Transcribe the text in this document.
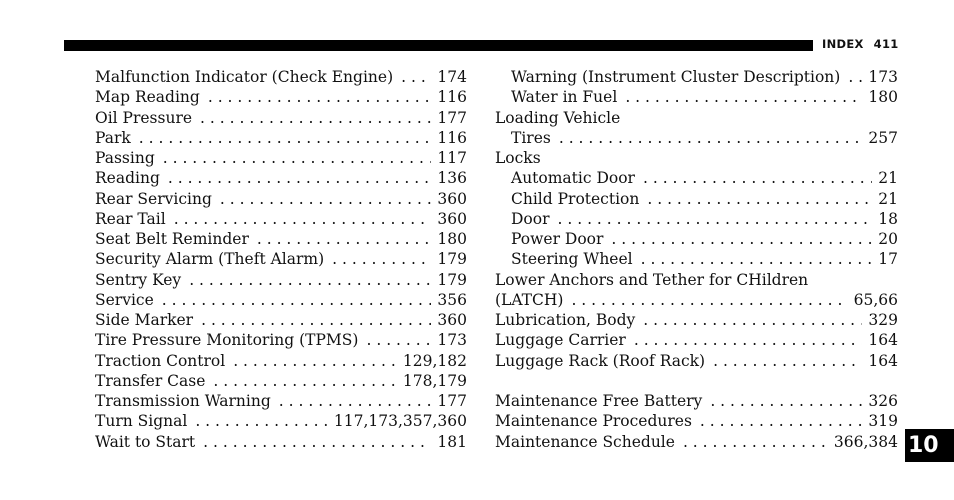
INDEX 411
Malfunction Indicator (Check Engine) . . .	174
Map Reading . . .	116
Oil Pressure . . .	177
Park . . .	116
Passing . . .	117
Reading . . .	136
Rear Servicing . . .	360
Rear Tail . . .	360
Seat Belt Reminder . . .	180
Security Alarm (Theft Alarm) . . .	179
Sentry Key . . .	179
Service . . .	356
Side Marker . . .	360
Tire Pressure Monitoring (TPMS) . . .	173
Traction Control . . .	129,182
Transfer Case . . .	178,179
Transmission Warning . . .	177
Turn Signal . . .	117,173,357,360
Wait to Start . . .	181
Warning (Instrument Cluster Description) . . . 173
Water in Fuel . . .	180
Loading Vehicle
Tires . . .	257
Locks
Automatic Door . . .	21
Child Protection . . .	21
Door . . .	18
Power Door . . .	20
Steering Wheel . . .	17
Lower Anchors and Tether for CHildren
(LATCH) . . .	65,66
Lubrication, Body . . .	329
Luggage Carrier . . .	164
Luggage Rack (Roof Rack) . . .	164
Maintenance Free Battery . . .	326
Maintenance Procedures . . .	319
Maintenance Schedule . . .	366,384 10
